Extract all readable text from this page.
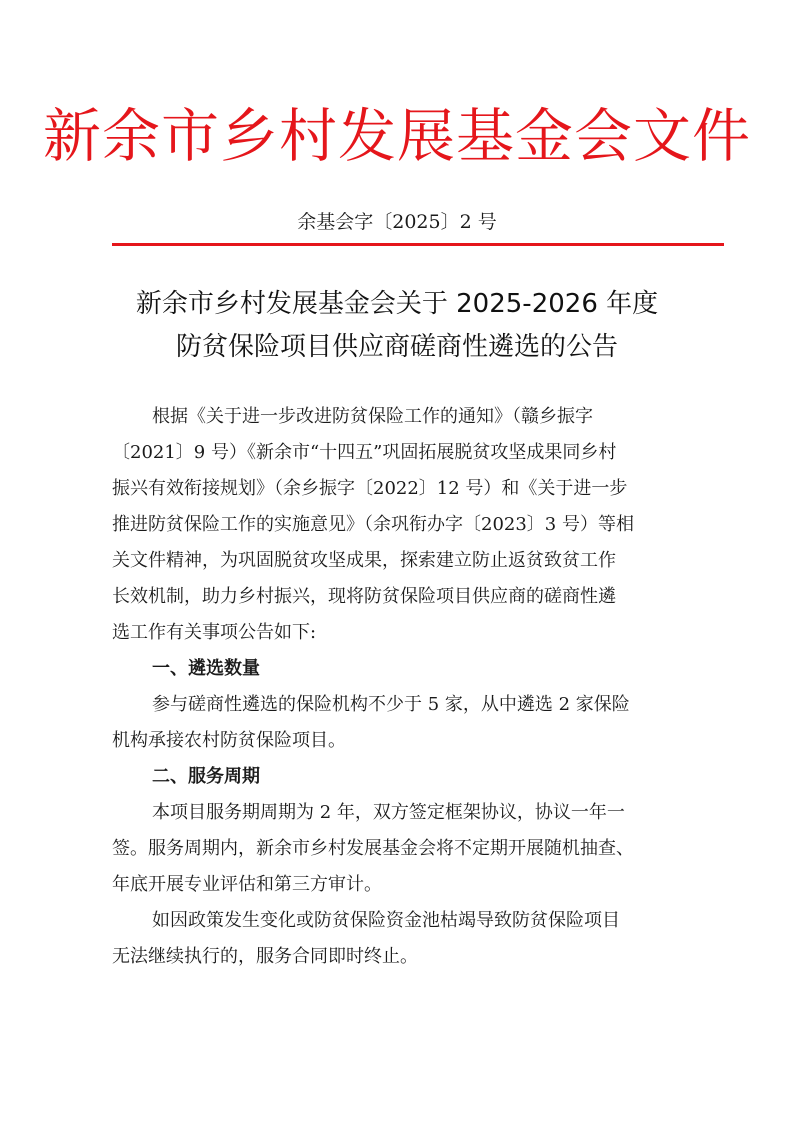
新余市乡村发展基金会文件
余基会字〔2025〕2 号
新余市乡村发展基金会关于 2025-2026 年度
防贫保险项目供应商磋商性遴选的公告
根据《关于进一步改进防贫保险工作的通知》（赣乡振字
〔2021〕9 号）《新余市“十四五”巩固拓展脱贫攻坚成果同乡村
振兴有效衔接规划》（余乡振字〔2022〕12 号）和《关于进一步
推进防贫保险工作的实施意见》（余巩衔办字〔2023〕3 号）等相
关文件精神，为巩固脱贫攻坚成果，探索建立防止返贫致贫工作
长效机制，助力乡村振兴，现将防贫保险项目供应商的磋商性遴
选工作有关事项公告如下:
一、遴选数量
参与磋商性遴选的保险机构不少于 5 家，从中遴选 2 家保险
机构承接农村防贫保险项目。
二、服务周期
本项目服务期周期为 2 年，双方签定框架协议，协议一年一
签。服务周期内，新余市乡村发展基金会将不定期开展随机抽查、
年底开展专业评估和第三方审计。
如因政策发生变化或防贫保险资金池枯竭导致防贫保险项目
无法继续执行的，服务合同即时终止。
